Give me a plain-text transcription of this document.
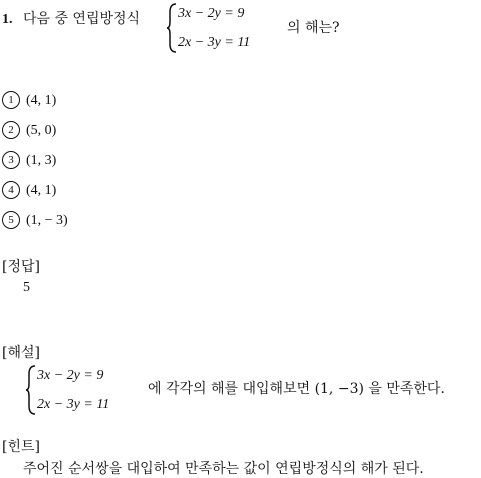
1. 다음 중 연립방정식	3x − 2y = 9
2x − 3y = 11
의 해는?
1 (4, 1)
2 (5, 0)
3 (1, 3)
4 (4, 1)
5 (1, − 3)
[정답]
5
[해설]
3x − 2y = 9
2x − 3y = 11
에 각각의 해를 대입해보면 (1, −3) 을 만족한다.
[힌트]
주어진 순서쌍을 대입하여 만족하는 값이 연립방정식의 해가 된다.
